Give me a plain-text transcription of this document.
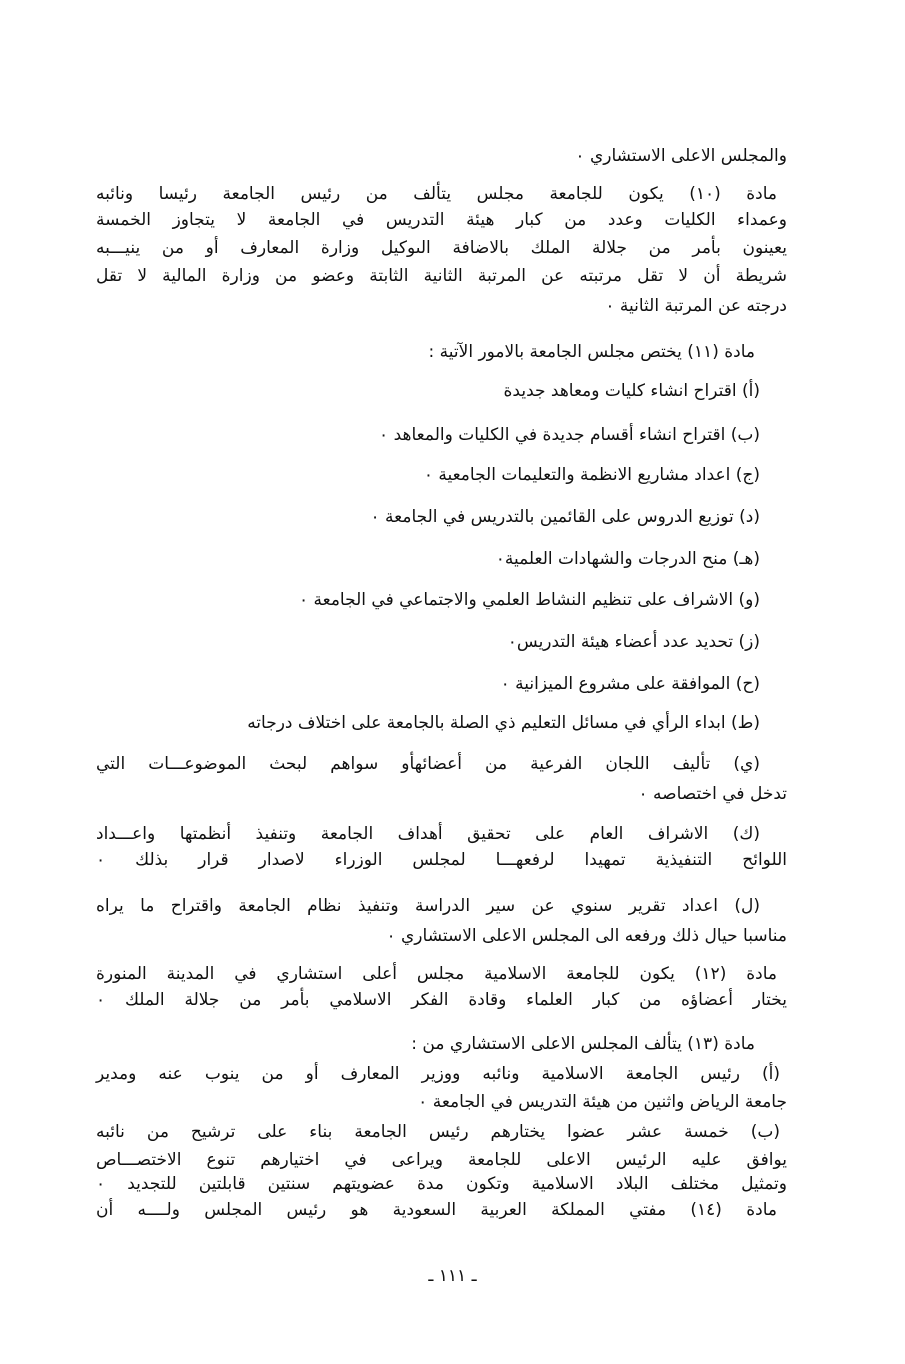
والمجلس الاعلى الاستشاري ٠
مادة (١٠) يكون للجامعة مجلس يتألف من رئيس الجامعة رئيسا ونائبه
وعمداء الكليات وعدد من كبار هيئة التدريس في الجامعة لا يتجاوز الخمسة
يعينون بأمر من جلالة الملك بالاضافة الىوكيل وزارة المعارف أو من ينيـــبه
شريطة أن لا تقل مرتبته عن المرتبة الثانية الثابتة وعضو من وزارة المالية لا تقل
درجته عن المرتبة الثانية ٠
مادة (١١) يختص مجلس الجامعة بالامور الآتية :
(أ) اقتراح انشاء كليات ومعاهد جديدة
(ب) اقتراح انشاء أقسام جديدة في الكليات والمعاهد ٠
(ج) اعداد مشاريع الانظمة والتعليمات الجامعية ٠
(د) توزيع الدروس على القائمين بالتدريس في الجامعة ٠
(هـ) منح الدرجات والشهادات العلمية٠
(و) الاشراف على تنظيم النشاط العلمي والاجتماعي في الجامعة ٠
(ز) تحديد عدد أعضاء هيئة التدريس٠
(ح) الموافقة على مشروع الميزانية ٠
(ط) ابداء الرأي في مسائل التعليم ذي الصلة بالجامعة على اختلاف درجاته
(ي) تأليف اللجان الفرعية من أعضائهأو سواهم لبحث الموضوعـــات التي
تدخل في اختصاصه ٠
(ك) الاشراف العام على تحقيق أهداف الجامعة وتنفيذ أنظمتها واعـــداد
اللوائح التنفيذية تمهيدا لرفعهـــا لمجلس الوزراء لاصدار قرار بذلك ٠
(ل) اعداد تقرير سنوي عن سير الدراسة وتنفيذ نظام الجامعة واقتراح ما يراه
مناسبا حيال ذلك ورفعه الى المجلس الاعلى الاستشاري ٠
مادة (١٢) يكون للجامعة الاسلامية مجلس أعلى استشاري في المدينة المنورة
يختار أعضاؤه من كبار العلماء وقادة الفكر الاسلامي بأمر من جلالة الملك ٠
مادة (١٣) يتألف المجلس الاعلى الاستشاري من :
(أ) رئيس الجامعة الاسلامية ونائبه ووزير المعارف أو من ينوب عنه ومدير
جامعة الرياض واثنين من هيئة التدريس في الجامعة ٠
(ب) خمسة عشر عضوا يختارهم رئيس الجامعة بناء على ترشيح من نائبه
يوافق عليه الرئيس الاعلى للجامعة ويراعى في اختيارهم تنوع الاختصـــاص
وتمثيل مختلف البلاد الاسلامية وتكون مدة عضويتهم سنتين قابلتين للتجديد ٠
مادة (١٤) مفتي المملكة العربية السعودية هو رئيس المجلس ولــــه أن
ـ ١١١ ـ
